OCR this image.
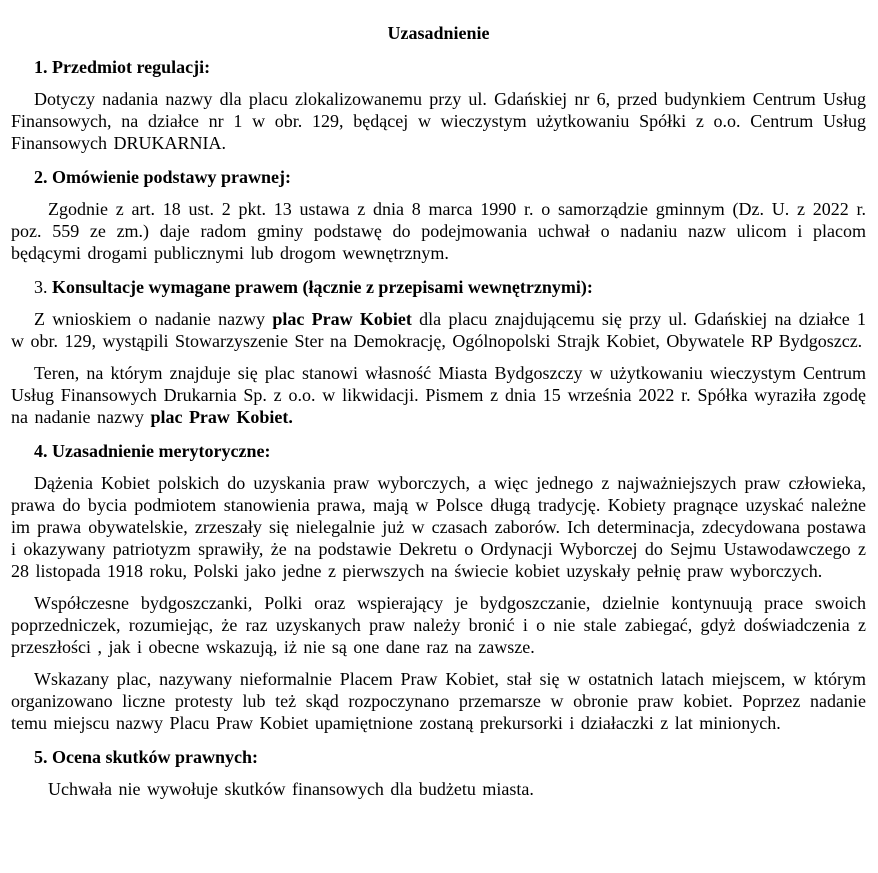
Uzasadnienie

1. Przedmiot regulacji:

Dotyczy nadania nazwy dla placu zlokalizowanemu przy ul. Gdańskiej nr 6, przed budynkiem Centrum Usług Finansowych, na działce nr 1 w obr. 129, będącej w wieczystym użytkowaniu Spółki z o.o. Centrum Usług Finansowych DRUKARNIA.

2. Omówienie podstawy prawnej:

Zgodnie z art. 18 ust. 2 pkt. 13 ustawa z dnia 8 marca 1990 r. o samorządzie gminnym (Dz. U. z 2022 r. poz. 559 ze zm.) daje radom gminy podstawę do podejmowania uchwał o nadaniu nazw ulicom i placom będącymi drogami publicznymi lub drogom wewnętrznym.

3. Konsultacje wymagane prawem (łącznie z przepisami wewnętrznymi):

Z wnioskiem o nadanie nazwy plac Praw Kobiet dla placu znajdującemu się przy ul. Gdańskiej na działce 1 w obr. 129, wystąpili Stowarzyszenie Ster na Demokrację, Ogólnopolski Strajk Kobiet, Obywatele RP Bydgoszcz.

Teren, na którym znajduje się plac stanowi własność Miasta Bydgoszczy w użytkowaniu wieczystym Centrum Usług Finansowych Drukarnia Sp. z o.o. w likwidacji. Pismem z dnia 15 września 2022 r. Spółka wyraziła zgodę na nadanie nazwy plac Praw Kobiet.

4. Uzasadnienie merytoryczne:

Dążenia Kobiet polskich do uzyskania praw wyborczych, a więc jednego z najważniejszych praw człowieka, prawa do bycia podmiotem stanowienia prawa, mają w Polsce długą tradycję. Kobiety pragnące uzyskać należne im prawa obywatelskie, zrzeszały się nielegalnie już w czasach zaborów. Ich determinacja, zdecydowana postawa i okazywany patriotyzm sprawiły, że na podstawie Dekretu o Ordynacji Wyborczej do Sejmu Ustawodawczego z 28 listopada 1918 roku, Polski jako jedne z pierwszych na świecie kobiet uzyskały pełnię praw wyborczych.

Współczesne bydgoszczanki, Polki oraz wspierający je bydgoszczanie, dzielnie kontynuują prace swoich poprzedniczek, rozumiejąc, że raz uzyskanych praw należy bronić i o nie stale zabiegać, gdyż doświadczenia z przeszłości , jak i obecne wskazują, iż nie są one dane raz na zawsze.

Wskazany plac, nazywany nieformalnie Placem Praw Kobiet, stał się w ostatnich latach miejscem, w którym organizowano liczne protesty lub też skąd rozpoczynano przemarsze w obronie praw kobiet. Poprzez nadanie temu miejscu nazwy Placu Praw Kobiet upamiętnione zostaną prekursorki i działaczki z lat minionych.

5. Ocena skutków prawnych:

Uchwała nie wywołuje skutków finansowych dla budżetu miasta.
